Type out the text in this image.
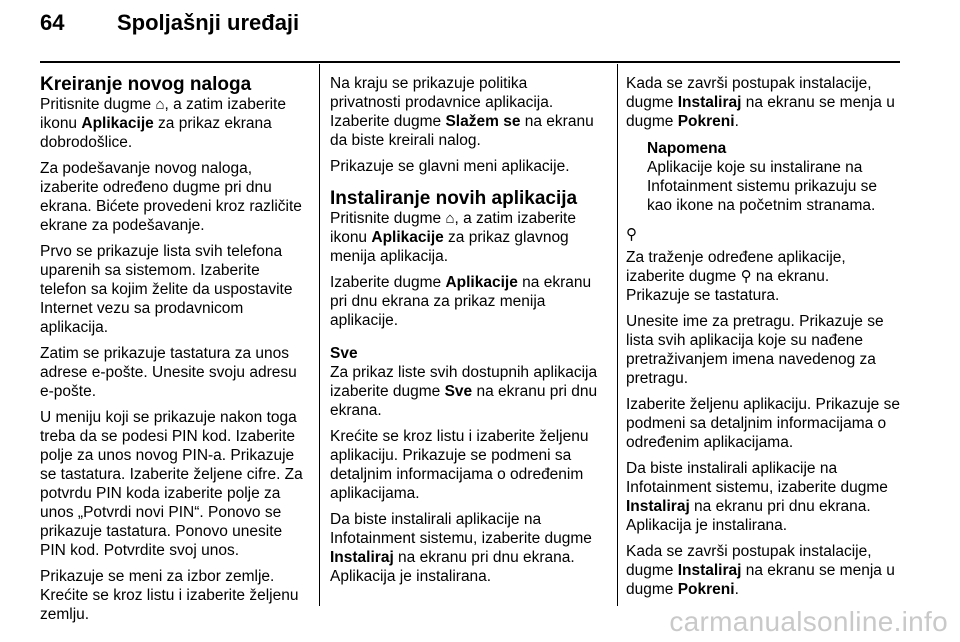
64 Spoljašnji uređaji
Kreiranje novog naloga

Pritisnite dugme ⌂, a zatim izaberite ikonu Aplikacije za prikaz ekrana dobrodošlice.

Za podešavanje novog naloga, izaberite određeno dugme pri dnu ekrana. Bićete provedeni kroz različite ekrane za podešavanje.

Prvo se prikazuje lista svih telefona uparenih sa sistemom. Izaberite telefon sa kojim želite da uspostavite Internet vezu sa prodavnicom aplikacija.

Zatim se prikazuje tastatura za unos adrese e-pošte. Unesite svoju adresu e-pošte.

U meniju koji se prikazuje nakon toga treba da se podesi PIN kod. Izaberite polje za unos novog PIN-a. Prikazuje se tastatura. Izaberite željene cifre. Za potvrdu PIN koda izaberite polje za unos „Potvrdi novi PIN“. Ponovo se prikazuje tastatura. Ponovo unesite PIN kod. Potvrdite svoj unos.

Prikazuje se meni za izbor zemlje. Krećite se kroz listu i izaberite željenu zemlju.

Na kraju se prikazuje politika privatnosti prodavnice aplikacija. Izaberite dugme Slažem se na ekranu da biste kreirali nalog.

Prikazuje se glavni meni aplikacije.

Instaliranje novih aplikacija

Pritisnite dugme ⌂, a zatim izaberite ikonu Aplikacije za prikaz glavnog menija aplikacija.

Izaberite dugme Aplikacije na ekranu pri dnu ekrana za prikaz menija aplikacije.

Sve

Za prikaz liste svih dostupnih aplikacija izaberite dugme Sve na ekranu pri dnu ekrana.

Krećite se kroz listu i izaberite željenu aplikaciju. Prikazuje se podmeni sa detaljnim informacijama o određenim aplikacijama.

Da biste instalirali aplikacije na Infotainment sistemu, izaberite dugme Instaliraj na ekranu pri dnu ekrana. Aplikacija je instalirana.

Kada se završi postupak instalacije, dugme Instaliraj na ekranu se menja u dugme Pokreni.

Napomena
Aplikacije koje su instalirane na Infotainment sistemu prikazuju se kao ikone na početnim stranama.
⚲
Za traženje određene aplikacije, izaberite dugme ⚲ na ekranu.

Prikazuje se tastatura.

Unesite ime za pretragu. Prikazuje se lista svih aplikacija koje su nađene pretraživanjem imena navedenog za pretragu.

Izaberite željenu aplikaciju. Prikazuje se podmeni sa detaljnim informacijama o određenim aplikacijama.

Da biste instalirali aplikacije na Infotainment sistemu, izaberite dugme Instaliraj na ekranu pri dnu ekrana. Aplikacija je instalirana.

Kada se završi postupak instalacije, dugme Instaliraj na ekranu se menja u dugme Pokreni.

carmanualsonline.info
